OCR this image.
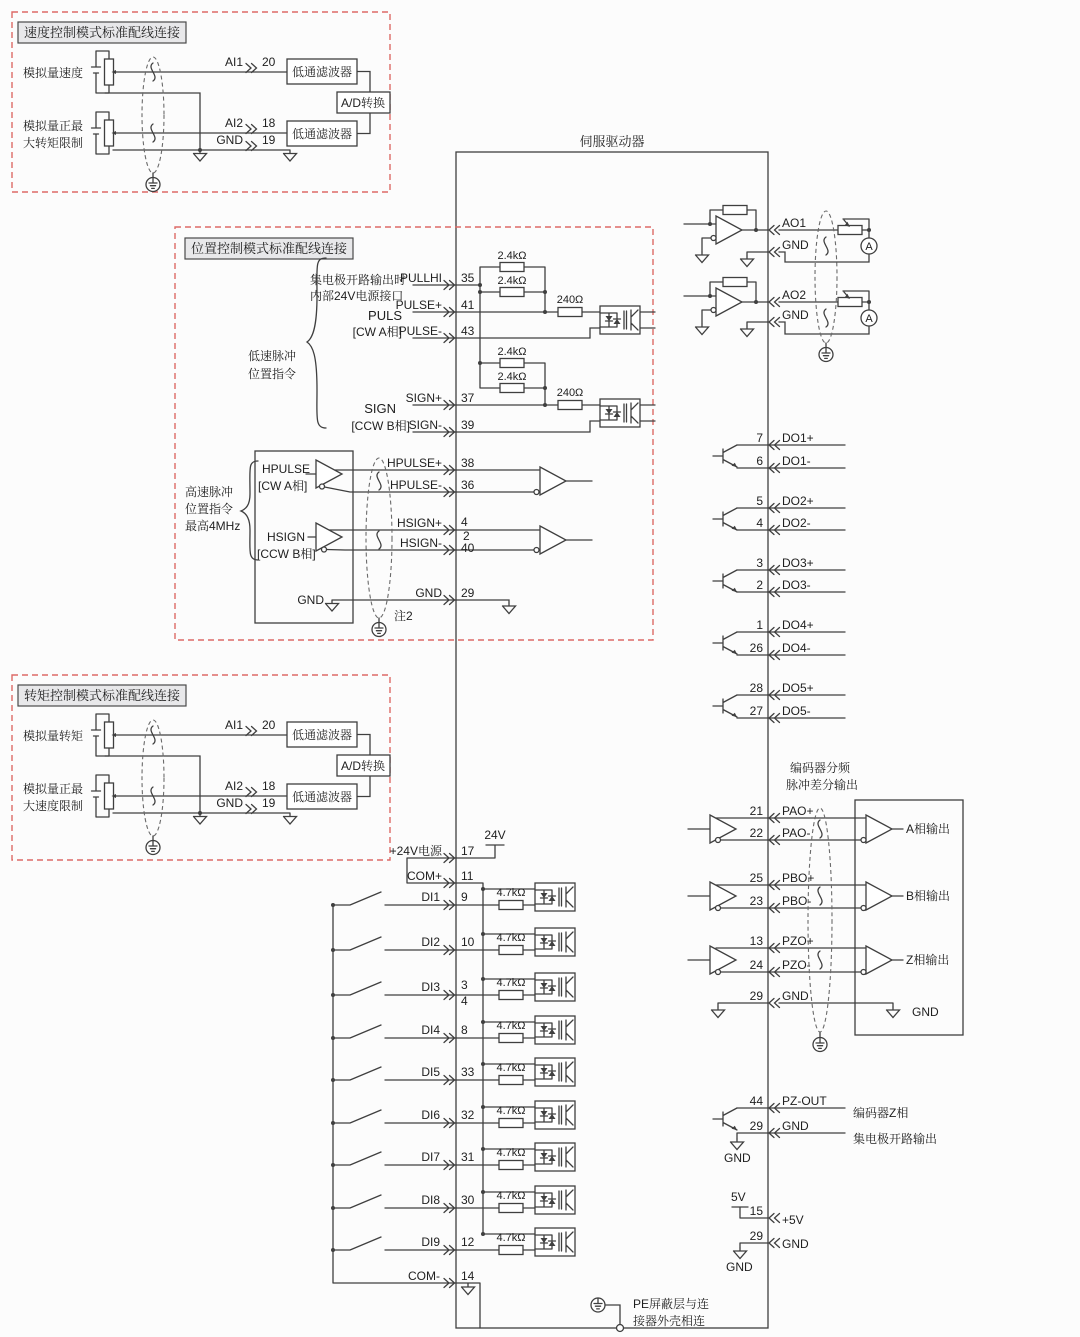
伺服驱动器
速度控制模式标准配线连接
模拟量速度
模拟量正最
大转矩限制
AI1 20
低通滤波器
A/D转换
AI2 18
低通滤波器
GND 19
转矩控制模式标准配线连接
模拟量转矩
模拟量正最
大速度限制
AI1 20
低通滤波器
A/D转换
AI2 18
低通滤波器
GND 19
位置控制模式标准配线连接
集电极开路输出时
内部24V电源接口
低速脉冲
位置指令
PULS
[CW A相]
SIGN
[CCW B相]
2.4kΩ
2.4kΩ
2.4kΩ
2.4kΩ
240Ω
240Ω
PULLHI 35
PULSE+ 41
PULSE- 43
SIGN+ 37
SIGN- 39
HPULSE
[CW A相]
HSIGN
[CCW B相]
高速脉冲
位置指令
最高4MHz
HPULSE+ 38
HPULSE- 36
HSIGN+ 4
2
HSIGN- 40
GND	GND 29
注2
24V
+24V电源 17
COM+ 11
4.7kΩ
DI1 9
4.7kΩ
DI2 10
4.7kΩ
DI3 3
4
4.7kΩ
DI4 8
4.7kΩ
DI5 33
4.7kΩ
DI6 32
4.7kΩ
DI7 31
4.7kΩ
DI8 30
4.7kΩ
DI9 12
COM- 14
PE屏蔽层与连
接器外壳相连
AO1
GND
AO2
GND
A
A
7 DO1+
6 DO1-
5 DO2+
4 DO2-
3 DO3+
2 DO3-
1 DO4+
26 DO4-
28 DO5+
27 DO5-
编码器分频
脉冲差分输出
21 PAO+
22 PAO-	A相输出
25 PBO+
23 PBO-	B相输出
13 PZO+
24 PZO-	Z相输出
29 GND
GND
44 PZ-OUT
29 GND
GND
编码器Z相
集电极开路输出
5V
15
+5V
29
GND
GND
